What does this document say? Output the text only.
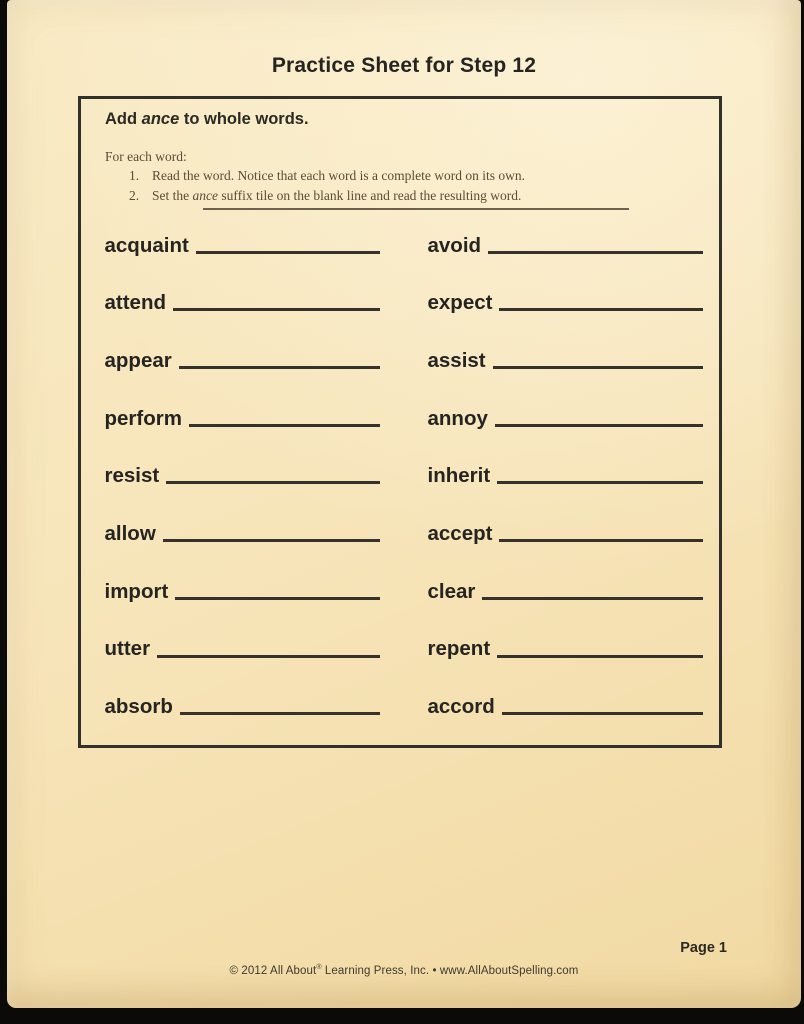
Practice Sheet for Step 12
Add ance to whole words.
For each word:
1. Read the word. Notice that each word is a complete word on its own.
2. Set the ance suffix tile on the blank line and read the resulting word.
acquaint
attend
appear
perform
resist
allow
import
utter
absorb
avoid
expect
assist
annoy
inherit
accept
clear
repent
accord
Page 1
© 2012 All About® Learning Press, Inc. • www.AllAboutSpelling.com
